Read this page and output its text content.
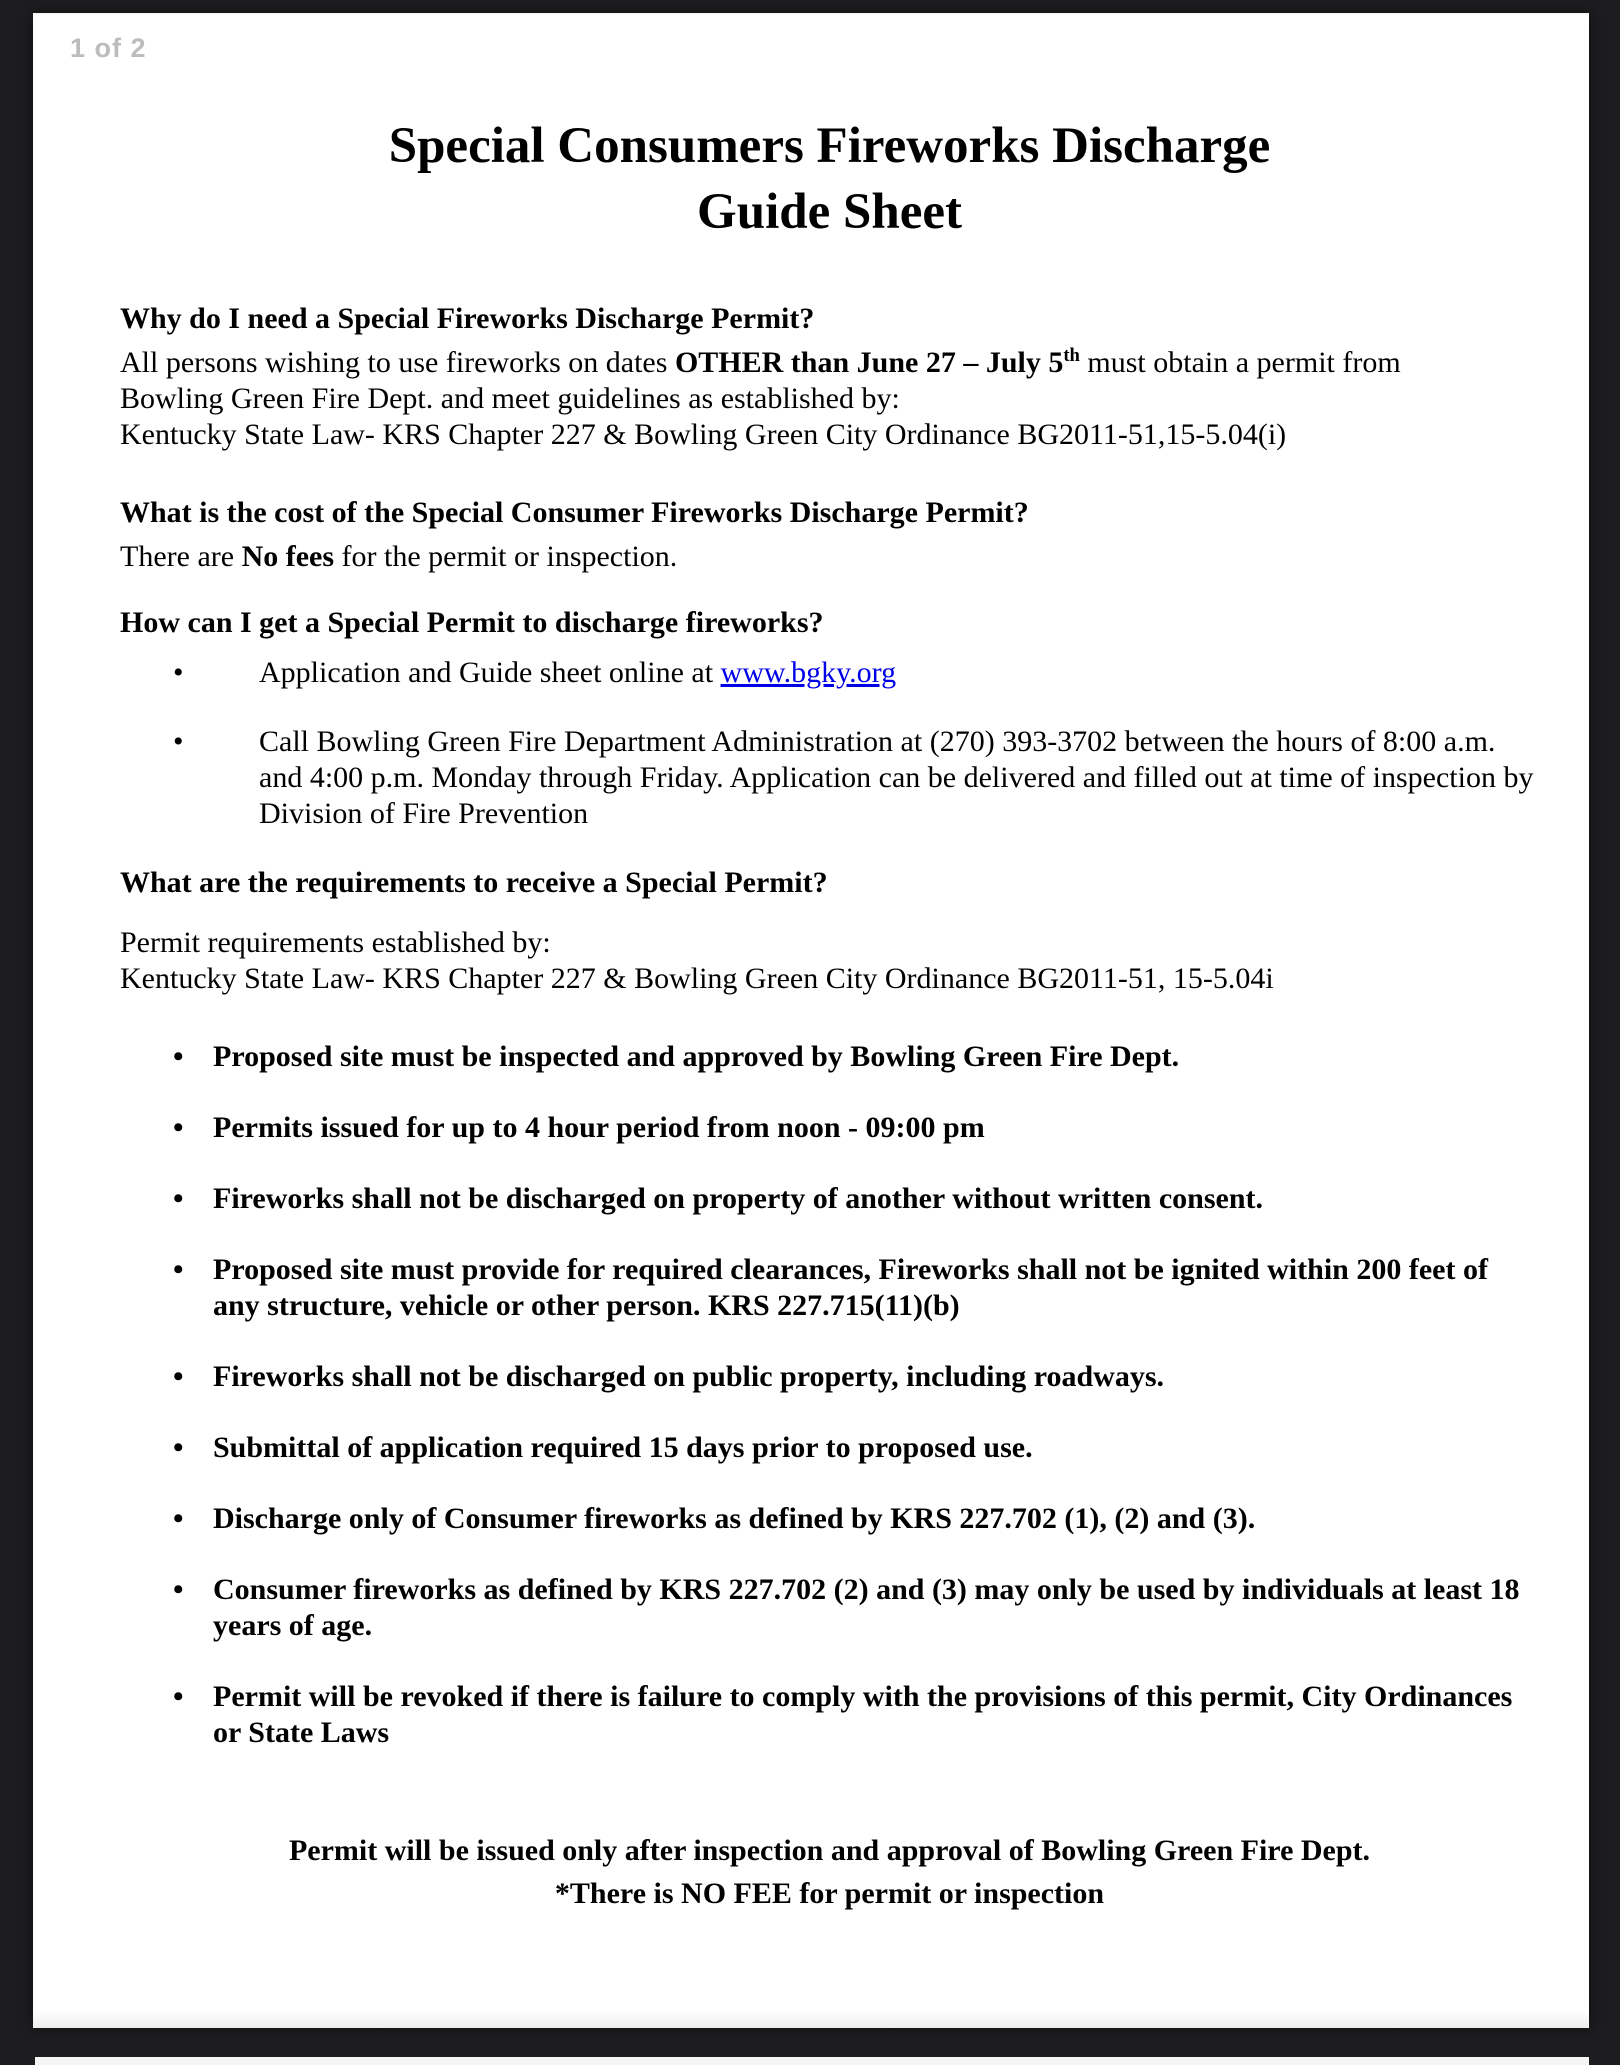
1 of 2
Special Consumers Fireworks Discharge
Guide Sheet

Why do I need a Special Fireworks Discharge Permit?

All persons wishing to use fireworks on dates OTHER than June 27 – July 5th must obtain a permit from
Bowling Green Fire Dept. and meet guidelines as established by:
Kentucky State Law- KRS Chapter 227 & Bowling Green City Ordinance BG2011-51,15-5.04(i)

What is the cost of the Special Consumer Fireworks Discharge Permit?

There are No fees for the permit or inspection.

How can I get a Special Permit to discharge fireworks?

• Application and Guide sheet online at www.bgky.org
• Call Bowling Green Fire Department Administration at (270) 393-3702 between the hours of 8:00 a.m. and 4:00 p.m. Monday through Friday. Application can be delivered and filled out at time of inspection by Division of Fire Prevention

What are the requirements to receive a Special Permit?

Permit requirements established by:
Kentucky State Law- KRS Chapter 227 & Bowling Green City Ordinance BG2011-51, 15-5.04i

• Proposed site must be inspected and approved by Bowling Green Fire Dept.
• Permits issued for up to 4 hour period from noon - 09:00 pm
• Fireworks shall not be discharged on property of another without written consent.
• Proposed site must provide for required clearances, Fireworks shall not be ignited within 200 feet of any structure, vehicle or other person. KRS 227.715(11)(b)
• Fireworks shall not be discharged on public property, including roadways.
• Submittal of application required 15 days prior to proposed use.
• Discharge only of Consumer fireworks as defined by KRS 227.702 (1), (2) and (3).
• Consumer fireworks as defined by KRS 227.702 (2) and (3) may only be used by individuals at least 18 years of age.
• Permit will be revoked if there is failure to comply with the provisions of this permit, City Ordinances or State Laws
Permit will be issued only after inspection and approval of Bowling Green Fire Dept.
*There is NO FEE for permit or inspection
